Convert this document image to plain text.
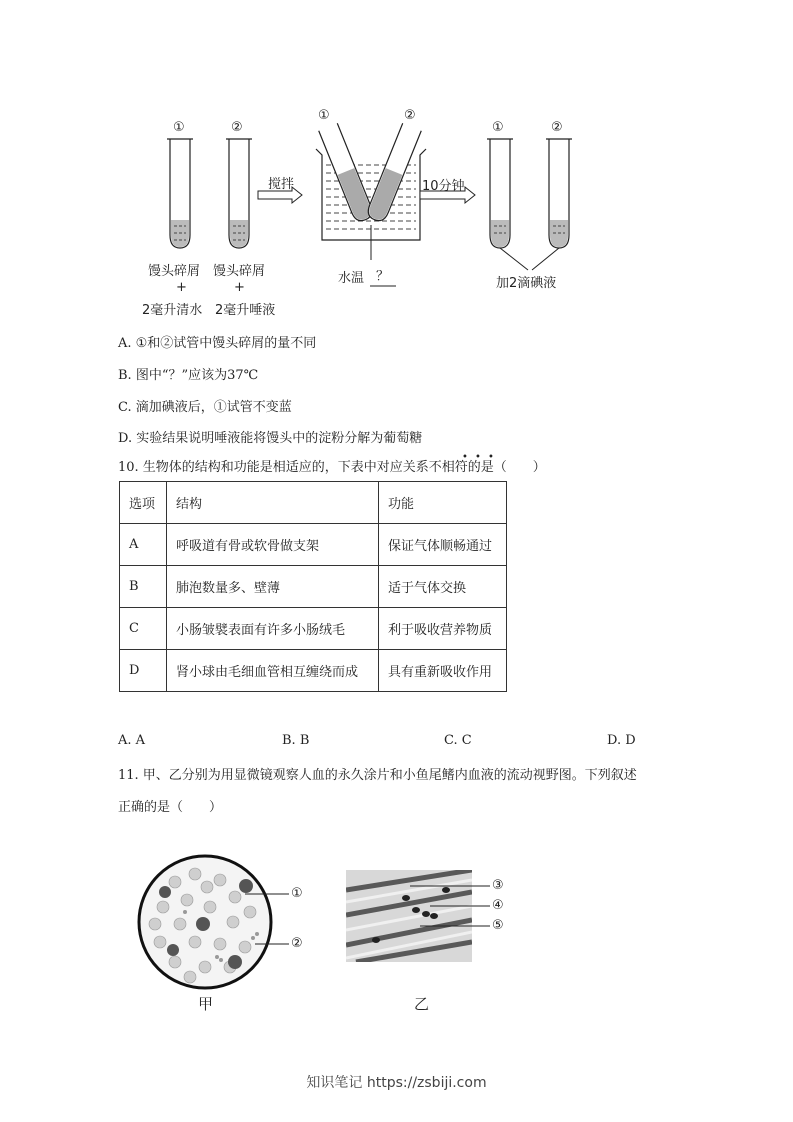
①	②
①	②
①	②
搅拌	10分钟
馒头碎屑
+
2毫升清水
馒头碎屑
+
2毫升唾液
水温 ？	加2滴碘液
A. ①和②试管中馒头碎屑的量不同
B. 图中“？”应该为37℃
C. 滴加碘液后，①试管不变蓝
D. 实验结果说明唾液能将馒头中的淀粉分解为葡萄糖
10. 生物体的结构和功能是相适应的，下表中对应关系不相符的是（　　）
• • •
选项	结构	功能
A	呼吸道有骨或软骨做支架	保证气体顺畅通过
B	肺泡数量多、壁薄	适于气体交换
C	小肠皱襞表面有许多小肠绒毛	利于吸收营养物质
D	肾小球由毛细血管相互缠绕而成	具有重新吸收作用
A. A	B. B	C. C	D. D
11. 甲、乙分别为用显微镜观察人血的永久涂片和小鱼尾鳍内血液的流动视野图。下列叙述
正确的是（　　）
①
②
甲
③
④
⑤
乙
知识笔记 https://zsbiji.com
